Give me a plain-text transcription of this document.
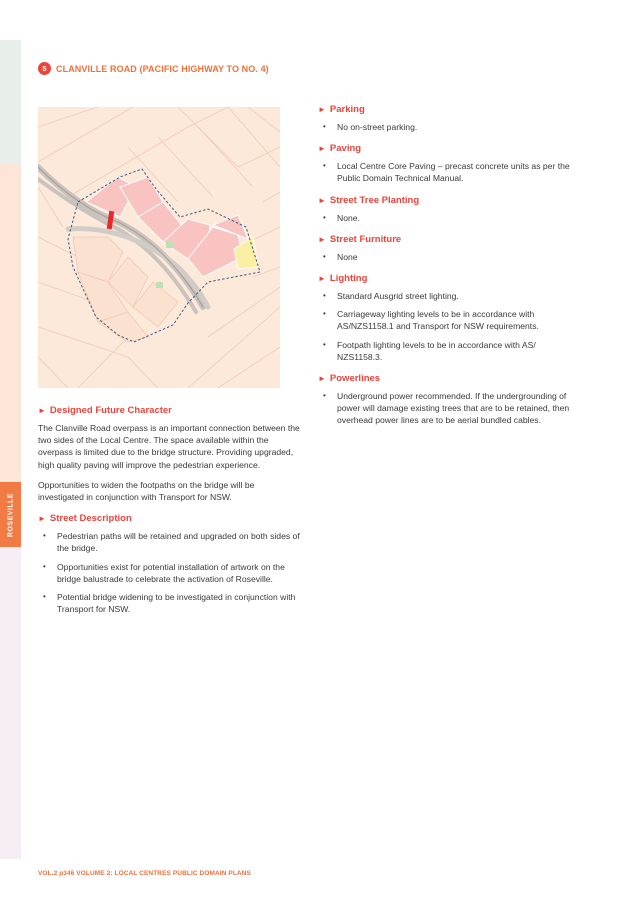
ROSEVILLE
5	CLANVILLE ROAD (PACIFIC HIGHWAY TO NO. 4)
► Designed Future Character

The Clanville Road overpass is an important connection between the two sides of the Local Centre. The space available within the overpass is limited due to the bridge structure. Providing upgraded, high quality paving will improve the pedestrian experience.

Opportunities to widen the footpaths on the bridge will be investigated in conjunction with Transport for NSW.

► Street Description
• Pedestrian paths will be retained and upgraded on both sides of the bridge.
• Opportunities exist for potential installation of artwork on the bridge balustrade to celebrate the activation of Roseville.
• Potential bridge widening to be investigated in conjunction with Transport for NSW.
► Parking
• No on-street parking.
► Paving
• Local Centre Core Paving – precast concrete units as per the Public Domain Technical Manual.
► Street Tree Planting
• None.
► Street Furniture
• None
► Lighting
• Standard Ausgrid street lighting.
• Carriageway lighting levels to be in accordance with AS/NZS1158.1 and Transport for NSW requirements.
• Footpath lighting levels to be in accordance with AS/ NZS1158.3.
► Powerlines
• Underground power recommended. If the undergrounding of power will damage existing trees that are to be retained, then overhead power lines are to be aerial bundled cables.
VOL.2 p346 VOLUME 2: LOCAL CENTRES PUBLIC DOMAIN PLANS
